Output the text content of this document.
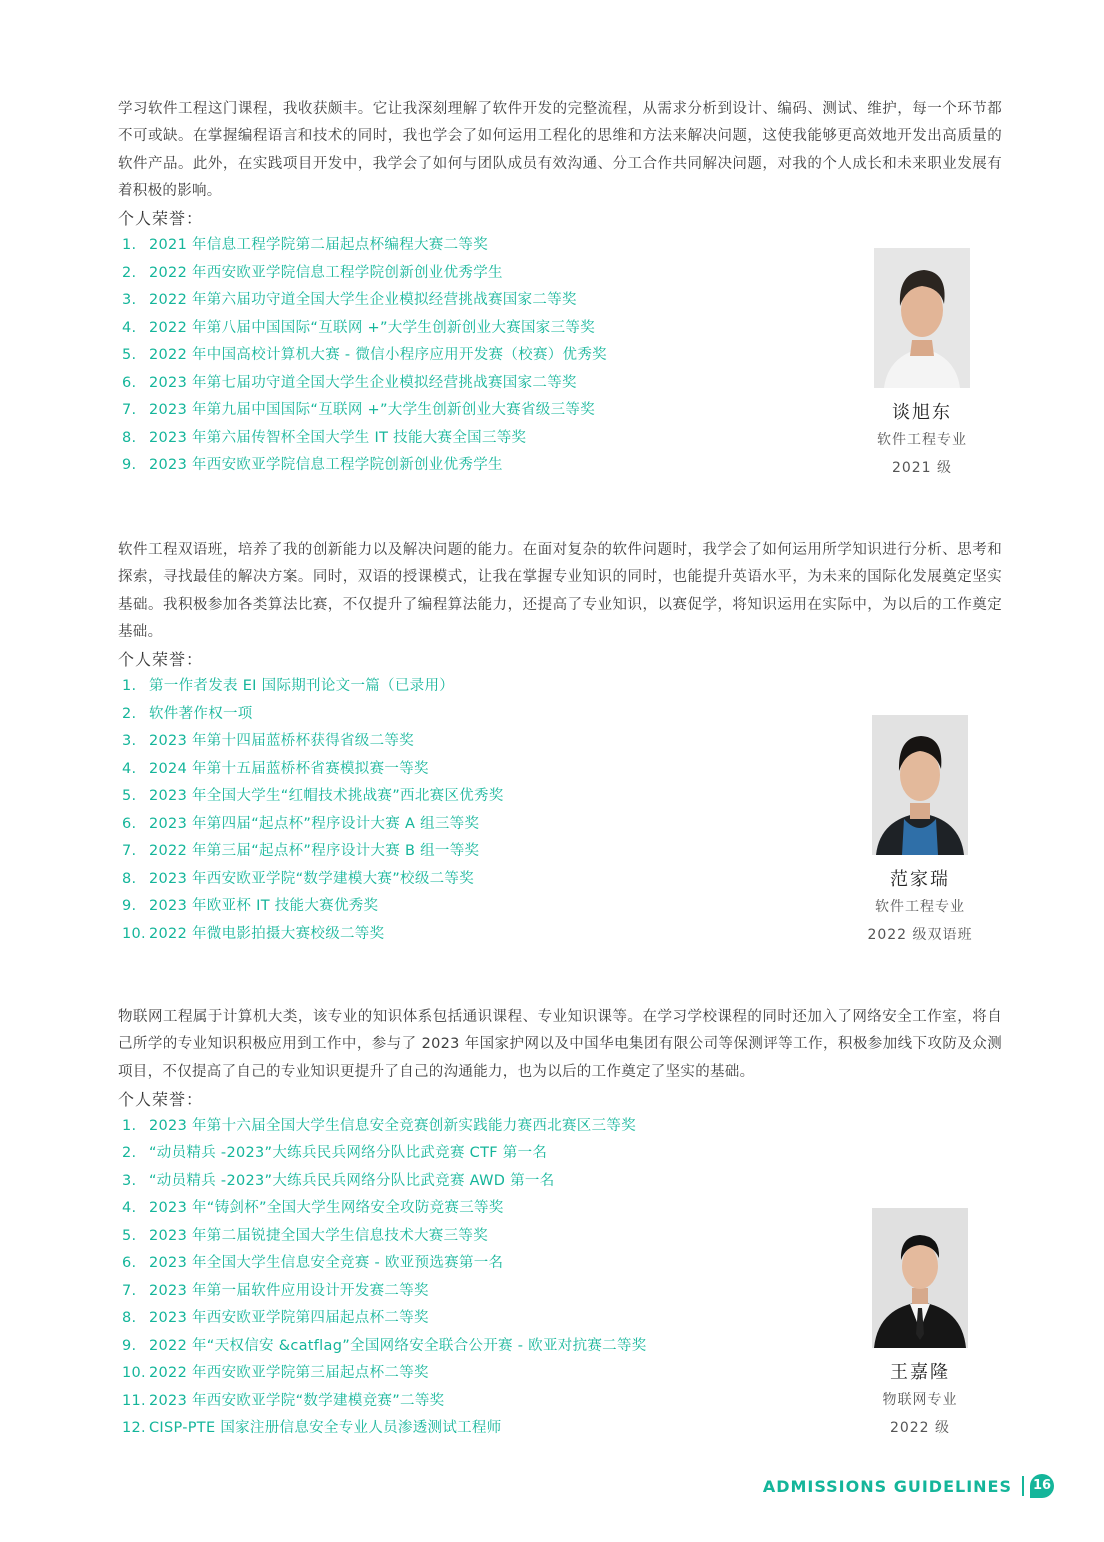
学习软件工程这门课程，我收获颇丰。它让我深刻理解了软件开发的完整流程，从需求分析到设计、编码、测试、维护，每一个环节都不可或缺。在掌握编程语言和技术的同时，我也学会了如何运用工程化的思维和方法来解决问题，这使我能够更高效地开发出高质量的软件产品。此外，在实践项目开发中，我学会了如何与团队成员有效沟通、分工合作共同解决问题，对我的个人成长和未来职业发展有着积极的影响。

个人荣誉：

1. 2021 年信息工程学院第二届起点杯编程大赛二等奖
2. 2022 年西安欧亚学院信息工程学院创新创业优秀学生
3. 2022 年第六届功守道全国大学生企业模拟经营挑战赛国家二等奖
4. 2022 年第八届中国国际“互联网 +”大学生创新创业大赛国家三等奖
5. 2022 年中国高校计算机大赛 - 微信小程序应用开发赛（校赛）优秀奖
6. 2023 年第七届功守道全国大学生企业模拟经营挑战赛国家二等奖
7. 2023 年第九届中国国际“互联网 +”大学生创新创业大赛省级三等奖
8. 2023 年第六届传智杯全国大学生 IT 技能大赛全国三等奖
9. 2023 年西安欧亚学院信息工程学院创新创业优秀学生
谈旭东
软件工程专业
2021 级

软件工程双语班，培养了我的创新能力以及解决问题的能力。在面对复杂的软件问题时，我学会了如何运用所学知识进行分析、思考和探索，寻找最佳的解决方案。同时，双语的授课模式，让我在掌握专业知识的同时，也能提升英语水平，为未来的国际化发展奠定坚实基础。我积极参加各类算法比赛，不仅提升了编程算法能力，还提高了专业知识，以赛促学，将知识运用在实际中，为以后的工作奠定基础。

个人荣誉：

1. 第一作者发表 EI 国际期刊论文一篇（已录用）
2. 软件著作权一项
3. 2023 年第十四届蓝桥杯获得省级二等奖
4. 2024 年第十五届蓝桥杯省赛模拟赛一等奖
5. 2023 年全国大学生“红帽技术挑战赛”西北赛区优秀奖
6. 2023 年第四届“起点杯”程序设计大赛 A 组三等奖
7. 2022 年第三届“起点杯”程序设计大赛 B 组一等奖
8. 2023 年西安欧亚学院“数学建模大赛”校级二等奖
9. 2023 年欧亚杯 IT 技能大赛优秀奖
10. 2022 年微电影拍摄大赛校级二等奖
范家瑞
软件工程专业
2022 级双语班

物联网工程属于计算机大类，该专业的知识体系包括通识课程、专业知识课等。在学习学校课程的同时还加入了网络安全工作室，将自己所学的专业知识积极应用到工作中，参与了 2023 年国家护网以及中国华电集团有限公司等保测评等工作，积极参加线下攻防及众测项目，不仅提高了自己的专业知识更提升了自己的沟通能力，也为以后的工作奠定了坚实的基础。

个人荣誉：

1. 2023 年第十六届全国大学生信息安全竞赛创新实践能力赛西北赛区三等奖
2. “动员精兵 -2023”大练兵民兵网络分队比武竞赛 CTF 第一名
3. “动员精兵 -2023”大练兵民兵网络分队比武竞赛 AWD 第一名
4. 2023 年“铸剑杯”全国大学生网络安全攻防竞赛三等奖
5. 2023 年第二届锐捷全国大学生信息技术大赛三等奖
6. 2023 年全国大学生信息安全竞赛 - 欧亚预选赛第一名
7. 2023 年第一届软件应用设计开发赛二等奖
8. 2023 年西安欧亚学院第四届起点杯二等奖
9. 2022 年“天权信安 &catflag”全国网络安全联合公开赛 - 欧亚对抗赛二等奖
10. 2022 年西安欧亚学院第三届起点杯二等奖
11. 2023 年西安欧亚学院“数学建模竞赛”二等奖
12. CISP-PTE 国家注册信息安全专业人员渗透测试工程师
王嘉隆
物联网专业
2022 级
ADMISSIONS GUIDELINES 16
